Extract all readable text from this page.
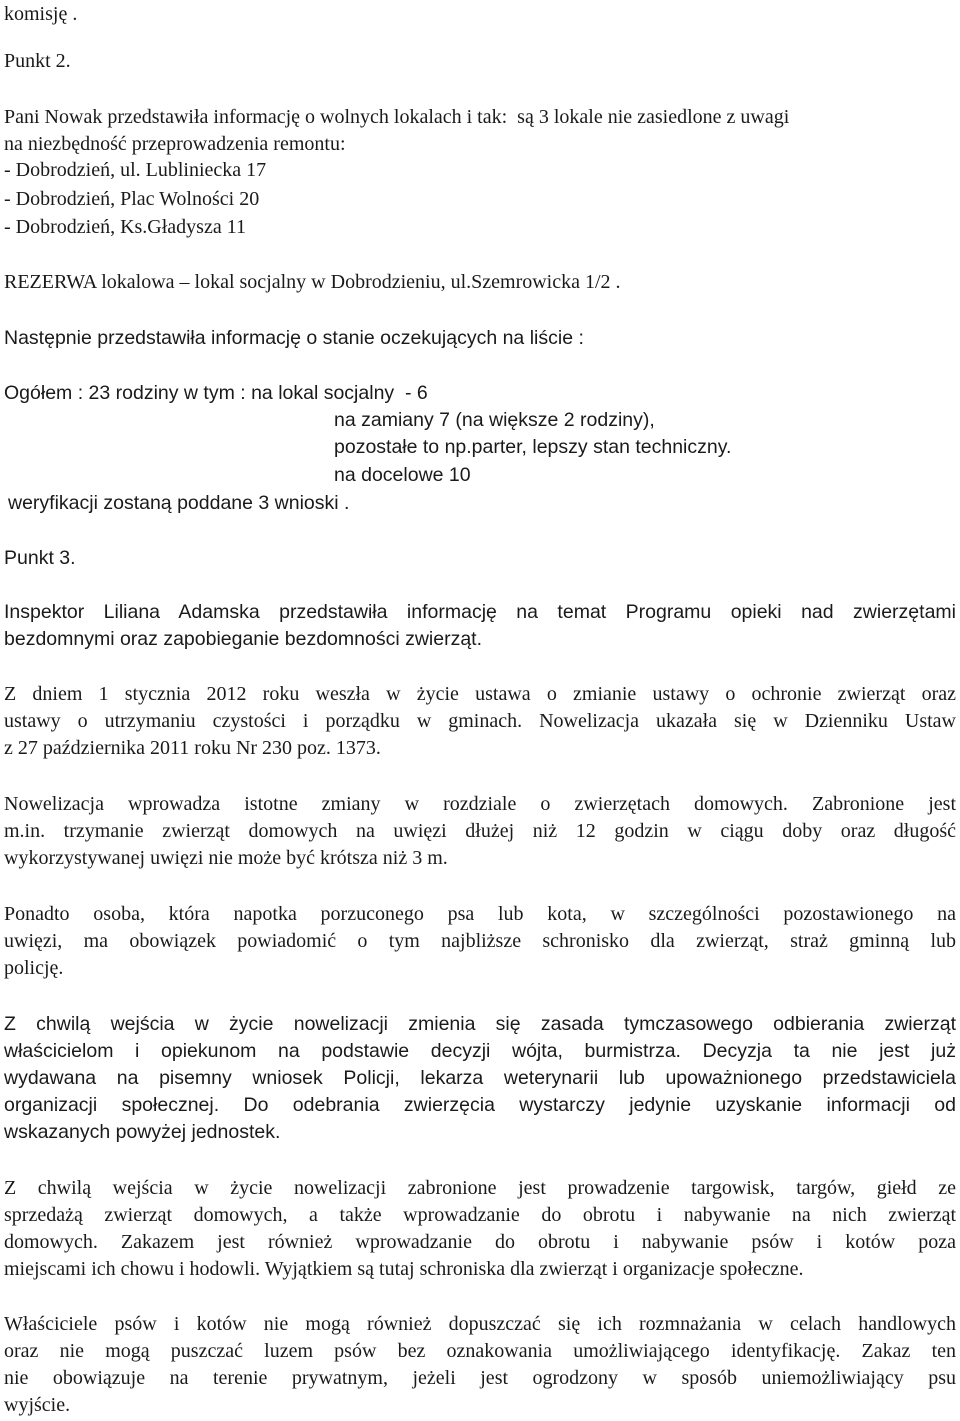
komisję .
Punkt 2.
Pani Nowak przedstawiła informację o wolnych lokalach i tak:  są 3 lokale nie zasiedlone z uwagi
na niezbędność przeprowadzenia remontu:
- Dobrodzień, ul. Lubliniecka 17
- Dobrodzień, Plac Wolności 20
- Dobrodzień, Ks.Gładysza 11
REZERWA lokalowa – lokal socjalny w Dobrodzieniu, ul.Szemrowicka 1/2 .
Następnie przedstawiła informację o stanie oczekujących na liście :
Ogółem : 23 rodziny w tym : na lokal socjalny  - 6
na zamiany 7 (na większe 2 rodziny),
pozostałe to np.parter, lepszy stan techniczny.
na docelowe 10
weryfikacji zostaną poddane 3 wnioski .
Punkt 3.

Inspektor Liliana Adamska przedstawiła informację na temat Programu opieki nad zwierzętami

bezdomnymi oraz zapobieganie bezdomności zwierząt.

Z dniem 1 stycznia 2012 roku weszła w życie ustawa o zmianie ustawy o ochronie zwierząt oraz

ustawy o utrzymaniu czystości i porządku w gminach. Nowelizacja ukazała się w Dzienniku Ustaw

z 27 października 2011 roku Nr 230 poz. 1373.

Nowelizacja wprowadza istotne zmiany w rozdziale o zwierzętach domowych. Zabronione jest

m.in. trzymanie zwierząt domowych na uwięzi dłużej niż 12 godzin w ciągu doby oraz długość

wykorzystywanej uwięzi nie może być krótsza niż 3 m.

Ponadto osoba, która napotka porzuconego psa lub kota, w szczególności pozostawionego na

uwięzi, ma obowiązek powiadomić o tym najbliższe schronisko dla zwierząt, straż gminną lub

policję.

Z chwilą wejścia w życie nowelizacji zmienia się zasada tymczasowego odbierania zwierząt

właścicielom i opiekunom na podstawie decyzji wójta, burmistrza. Decyzja ta nie jest już

wydawana na pisemny wniosek Policji, lekarza weterynarii lub upoważnionego przedstawiciela

organizacji społecznej. Do odebrania zwierzęcia wystarczy jedynie uzyskanie informacji od

wskazanych powyżej jednostek.

Z chwilą wejścia w życie nowelizacji zabronione jest prowadzenie targowisk, targów, giełd ze

sprzedażą zwierząt domowych, a także wprowadzanie do obrotu i nabywanie na nich zwierząt

domowych. Zakazem jest również wprowadzanie do obrotu i nabywanie psów i kotów poza

miejscami ich chowu i hodowli. Wyjątkiem są tutaj schroniska dla zwierząt i organizacje społeczne.

Właściciele psów i kotów nie mogą również dopuszczać się ich rozmnażania w celach handlowych

oraz nie mogą puszczać luzem psów bez oznakowania umożliwiającego identyfikację. Zakaz ten

nie obowiązuje na terenie prywatnym, jeżeli jest ogrodzony w sposób uniemożliwiający psu

wyjście.
